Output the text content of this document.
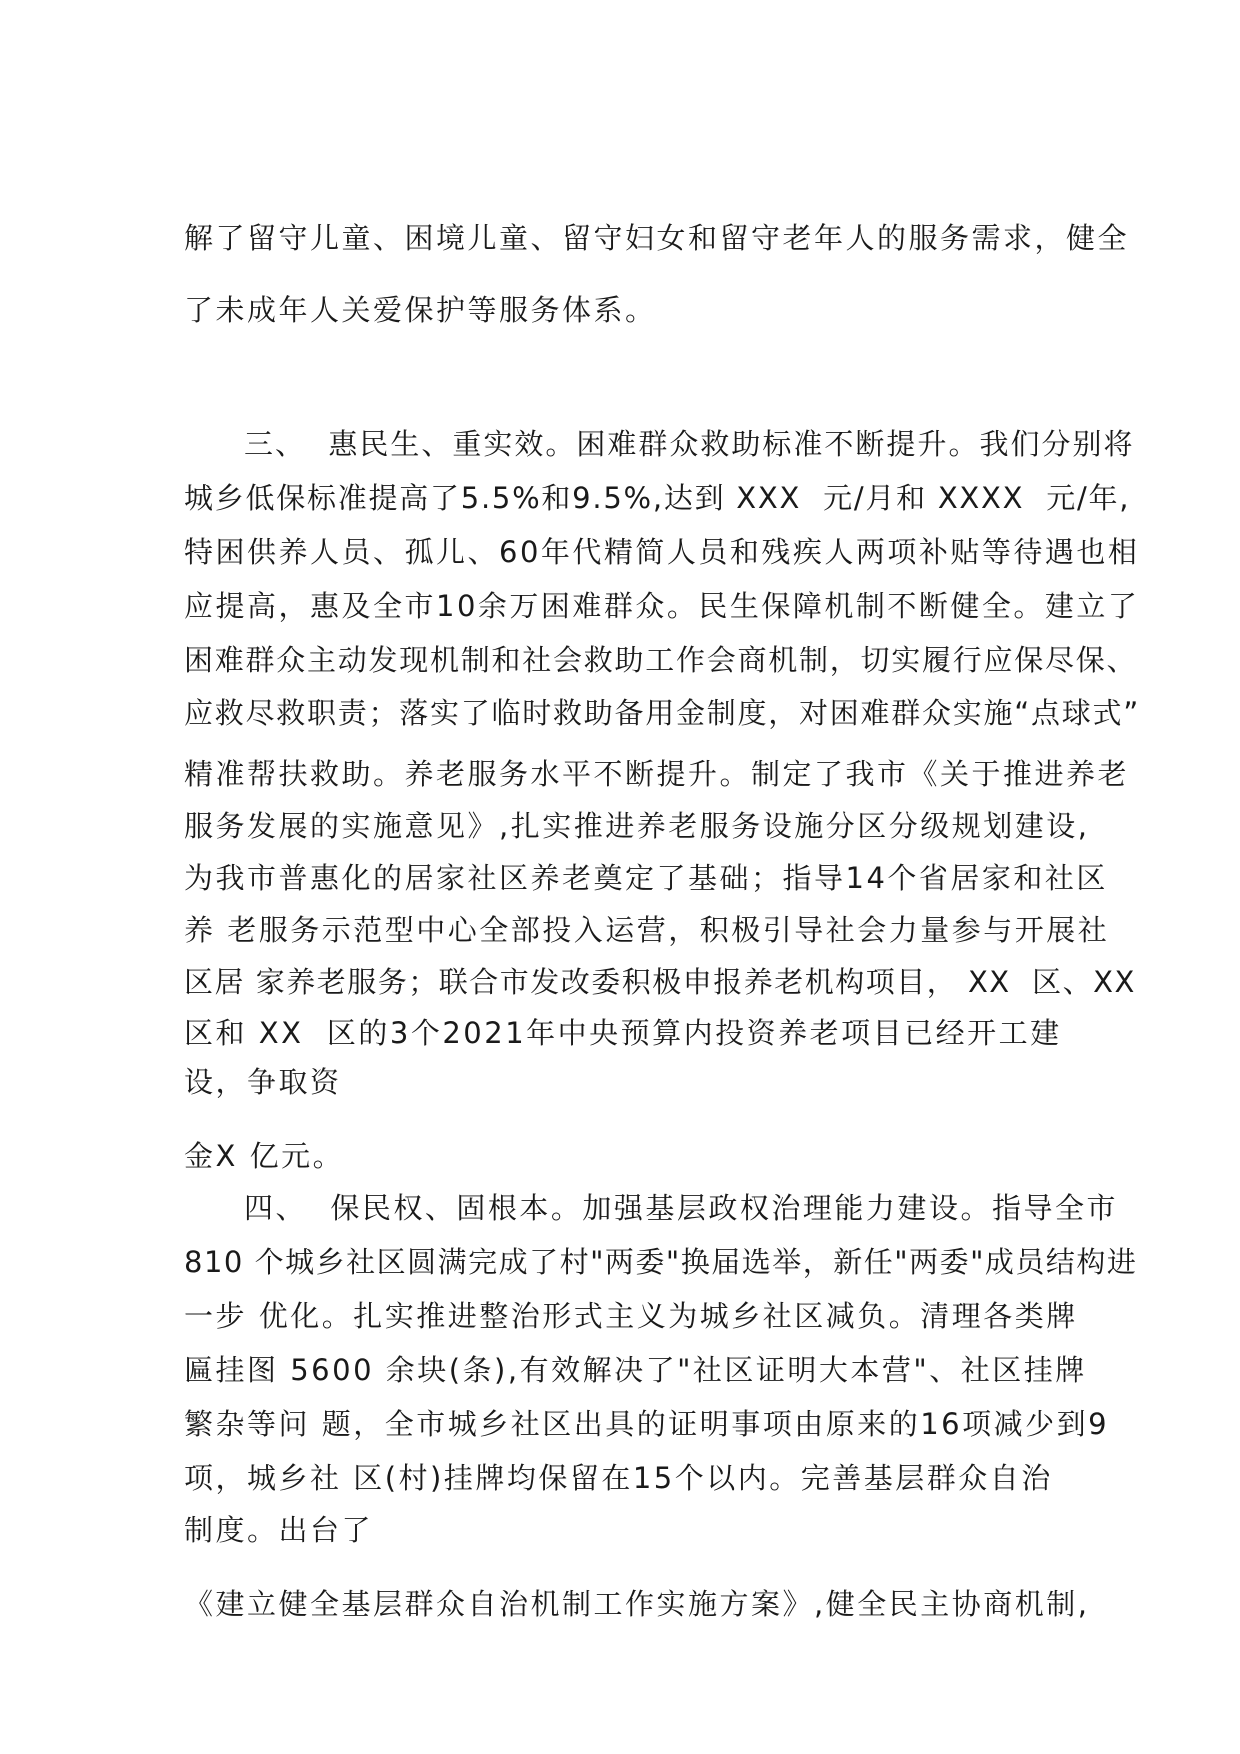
解了留守儿童、困境儿童、留守妇女和留守老年人的服务需求，健全

了未成年人关爱保护等服务体系。

三、  惠民生、重实效。困难群众救助标准不断提升。我们分别将

城乡低保标准提高了5.5%和9.5%,达到 XXX  元/月和 XXXX  元/年,

特困供养人员、孤儿、60年代精简人员和残疾人两项补贴等待遇也相

应提高，惠及全市10余万困难群众。民生保障机制不断健全。建立了

困难群众主动发现机制和社会救助工作会商机制，切实履行应保尽保、

应救尽救职责；落实了临时救助备用金制度，对困难群众实施“点球式”

精准帮扶救助。养老服务水平不断提升。制定了我市《关于推进养老

服务发展的实施意见》,扎实推进养老服务设施分区分级规划建设,

为我市普惠化的居家社区养老奠定了基础；指导14个省居家和社区

养 老服务示范型中心全部投入运营，积极引导社会力量参与开展社

区居 家养老服务；联合市发改委积极申报养老机构项目， XX  区、XX

区和 XX  区的3个2021年中央预算内投资养老项目已经开工建

设，争取资

金X 亿元。

四、  保民权、固根本。加强基层政权治理能力建设。指导全市

810 个城乡社区圆满完成了村"两委"换届选举，新任"两委"成员结构进

一步 优化。扎实推进整治形式主义为城乡社区减负。清理各类牌

匾挂图 5600 余块(条),有效解决了"社区证明大本营"、社区挂牌

繁杂等问 题，全市城乡社区出具的证明事项由原来的16项减少到9

项，城乡社 区(村)挂牌均保留在15个以内。完善基层群众自治

制度。出台了

《建立健全基层群众自治机制工作实施方案》,健全民主协商机制,
